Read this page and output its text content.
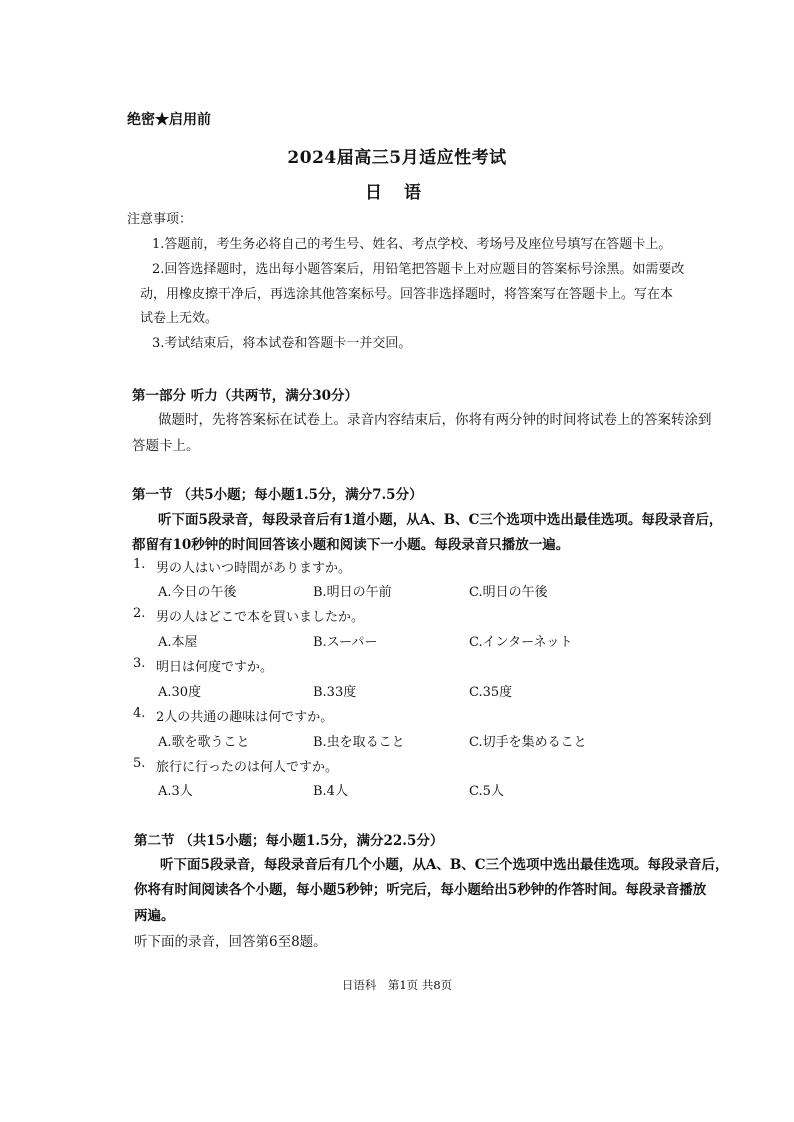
绝密★启用前
2024届高三5月适应性考试
日 语
注意事项：
1.答题前，考生务必将自己的考生号、姓名、考点学校、考场号及座位号填写在答题卡上。
2.回答选择题时，选出每小题答案后，用铅笔把答题卡上对应题目的答案标号涂黑。如需要改
动，用橡皮擦干净后，再选涂其他答案标号。回答非选择题时，将答案写在答题卡上。写在本
试卷上无效。
3.考试结束后，将本试卷和答题卡一并交回。
第一部分 听力（共两节，满分30分）
做题时，先将答案标在试卷上。录音内容结束后，你将有两分钟的时间将试卷上的答案转涂到
答题卡上。
第一节 （共5小题；每小题1.5分，满分7.5分）
听下面5段录音，每段录音后有1道小题，从A、B、C三个选项中选出最佳选项。每段录音后，
都留有10秒钟的时间回答该小题和阅读下一小题。每段录音只播放一遍。
1. 男の人はいつ時間がありますか。
A.今日の午後	B.明日の午前	C.明日の午後
2. 男の人はどこで本を買いましたか。
A.本屋	B.スーパー	C.インターネット
3. 明日は何度ですか。
A.30度	B.33度	C.35度
4. 2人の共通の趣味は何ですか。
A.歌を歌うこと	B.虫を取ること	C.切手を集めること
5. 旅行に行ったのは何人ですか。
A.3人	B.4人	C.5人
第二节 （共15小题；每小题1.5分，满分22.5分）
听下面5段录音，每段录音后有几个小题，从A、B、C三个选项中选出最佳选项。每段录音后，
你将有时间阅读各个小题，每小题5秒钟；听完后，每小题给出5秒钟的作答时间。每段录音播放
两遍。
听下面的录音，回答第6至8题。
日语科　第1页 共8页
